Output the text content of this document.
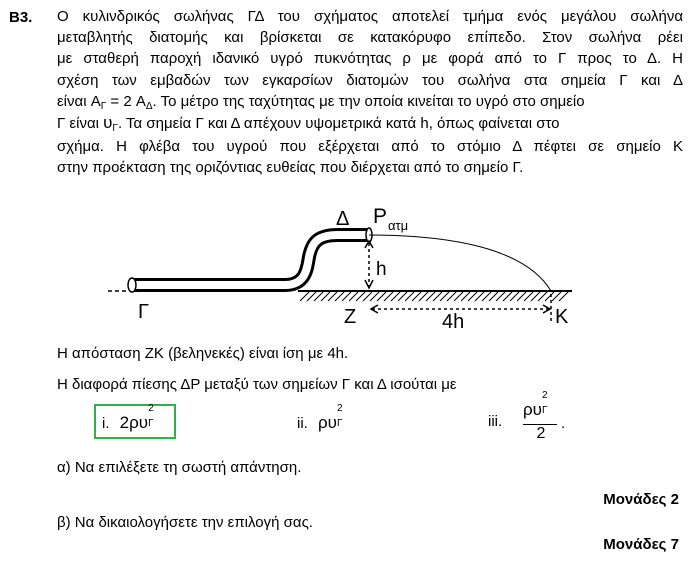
B3. Ο κυλινδρικός σωλήνας ΓΔ του σχήματος αποτελεί τμήμα ενός μεγάλου σωλήνα
μεταβλητής διατομής και βρίσκεται σε κατακόρυφο επίπεδο. Στον σωλήνα ρέει
με σταθερή παροχή ιδανικό υγρό πυκνότητας ρ με φορά από το Γ προς το Δ. Η
σχέση των εμβαδών των εγκαρσίων διατομών του σωλήνα στα σημεία Γ και Δ
είναι $A_\Gamma = 2$ $A_\Delta$. Το μέτρο της ταχύτητας με την οποία κινείται το υγρό στο σημείο
Γ είναι $\upsilon_\Gamma$. Τα σημεία Γ και Δ απέχουν υψομετρικά κατά h, όπως φαίνεται στο
σχήμα. Η φλέβα του υγρού που εξέρχεται από το στόμιο Δ πέφτει σε σημείο Κ
στην προέκταση της οριζόντιας ευθείας που διέρχεται από το σημείο Γ.
Δ P ατμ
h
Γ	Z	4h	K
Η απόσταση ΖΚ (βεληνεκές) είναι ίση με 4h.
Η διαφορά πίεσης ΔP μεταξύ των σημείων Γ και Δ ισούται με
i. 2ρυ
2
Γ	ii. ρυ
2
Γ	iii.
ρυ
2
Γ
2
.
α) Να επιλέξετε τη σωστή απάντηση.
Μονάδες 2
β) Να δικαιολογήσετε την επιλογή σας.
Μονάδες 7
